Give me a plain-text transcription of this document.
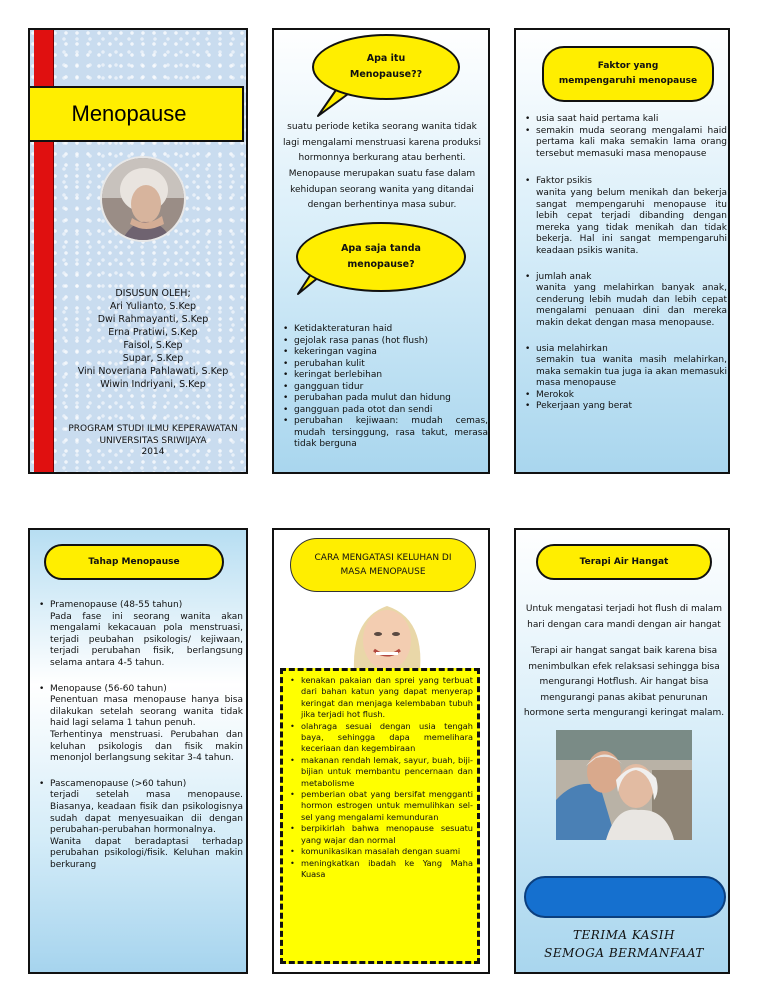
Menopause
DISUSUN OLEH;
Ari Yulianto, S.Kep
Dwi Rahmayanti, S.Kep
Erna Pratiwi, S.Kep
Faisol, S.Kep
Supar, S.Kep
Vini Noveriana Pahlawati, S.Kep
Wiwin Indriyani, S.Kep
PROGRAM STUDI ILMU KEPERAWATAN
UNIVERSITAS SRIWIJAYA
2014
Apa itu Menopause??
suatu periode ketika seorang wanita tidak lagi mengalami menstruasi karena produksi hormonnya berkurang atau berhenti.
Menopause merupakan suatu fase dalam kehidupan seorang wanita yang ditandai dengan berhentinya masa subur.
Apa saja tanda menopause?
• Ketidakteraturan haid
• gejolak rasa panas (hot flush)
• kekeringan vagina
• perubahan kulit
• keringat berlebihan
• gangguan tidur
• perubahan pada mulut dan hidung
• gangguan pada otot dan sendi
• perubahan kejiwaan: mudah cemas, mudah tersinggung, rasa takut, merasa tidak berguna
Faktor yang mempengaruhi menopause
• usia saat haid pertama kali
• semakin muda seorang mengalami haid pertama kali maka semakin lama orang tersebut memasuki masa menopause
• Faktor psikis
wanita yang belum menikah dan bekerja sangat mempengaruhi menopause itu lebih cepat terjadi dibanding dengan mereka yang tidak menikah dan tidak bekerja. Hal ini sangat mempengaruhi keadaan psikis wanita.
• jumlah anak
wanita yang melahirkan banyak anak, cenderung lebih mudah dan lebih cepat mengalami penuaan dini dan mereka makin dekat dengan masa menopause.
• usia melahirkan
semakin tua wanita masih melahirkan, maka semakin tua juga ia akan memasuki masa menopause
• Merokok
• Pekerjaan yang berat
Tahap Menopause
• Pramenopause (48-55 tahun)
Pada fase ini seorang wanita akan mengalami kekacauan pola menstruasi, terjadi peubahan psikologis/ kejiwaan, terjadi perubahan fisik, berlangsung selama antara 4-5 tahun.
• Menopause (56-60 tahun)
Penentuan masa menopause hanya bisa dilakukan setelah seorang wanita tidak haid lagi selama 1 tahun penuh.
Terhentinya menstruasi. Perubahan dan keluhan psikologis dan fisik makin menonjol berlangsung sekitar 3-4 tahun.
• Pascamenopause (>60 tahun)
terjadi setelah masa menopause. Biasanya, keadaan fisik dan psikologisnya sudah dapat menyesuaikan dii dengan perubahan-perubahan hormonalnya.
Wanita dapat beradaptasi terhadap perubahan psikologi/fisik. Keluhan makin berkurang
CARA MENGATASI KELUHAN DI MASA MENOPAUSE
• kenakan pakaian dan sprei yang terbuat dari bahan katun yang dapat menyerap keringat dan menjaga kelembaban tubuh jika terjadi hot flush.
• olahraga sesuai dengan usia tengah baya, sehingga dapa memelihara keceriaan dan kegembiraan
• makanan rendah lemak, sayur, buah, biji-bijian untuk membantu pencernaan dan metabolisme
• pemberian obat yang bersifat mengganti hormon estrogen untuk memulihkan sel-sel yang mengalami kemunduran
• berpikirlah bahwa menopause sesuatu yang wajar dan normal
• komunikasikan masalah dengan suami
• meningkatkan ibadah ke Yang Maha Kuasa
Terapi Air Hangat
Untuk mengatasi terjadi hot flush di malam hari dengan cara mandi dengan air hangat
Terapi air hangat sangat baik karena bisa menimbulkan efek relaksasi sehingga bisa mengurangi Hotflush. Air hangat bisa mengurangi panas akibat penurunan hormone serta mengurangi keringat malam.
TERIMA KASIH
SEMOGA BERMANFAAT
